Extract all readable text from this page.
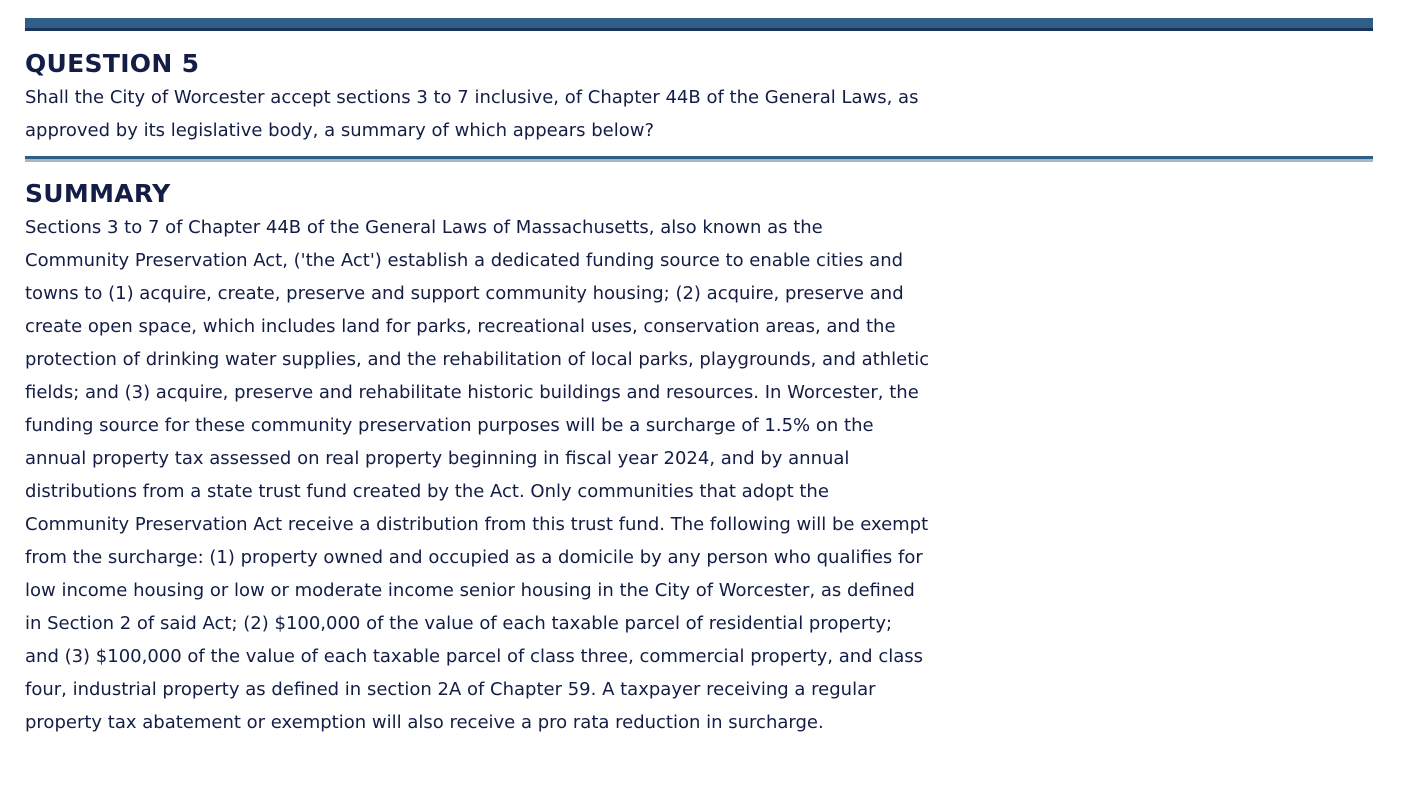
QUESTION 5

Shall the City of Worcester accept sections 3 to 7 inclusive, of Chapter 44B of the General Laws, as
approved by its legislative body, a summary of which appears below?

SUMMARY

Sections 3 to 7 of Chapter 44B of the General Laws of Massachusetts, also known as the
Community Preservation Act, ('the Act') establish a dedicated funding source to enable cities and
towns to (1) acquire, create, preserve and support community housing; (2) acquire, preserve and
create open space, which includes land for parks, recreational uses, conservation areas, and the
protection of drinking water supplies, and the rehabilitation of local parks, playgrounds, and athletic
fields; and (3) acquire, preserve and rehabilitate historic buildings and resources. In Worcester, the
funding source for these community preservation purposes will be a surcharge of 1.5% on the
annual property tax assessed on real property beginning in fiscal year 2024, and by annual
distributions from a state trust fund created by the Act. Only communities that adopt the
Community Preservation Act receive a distribution from this trust fund. The following will be exempt
from the surcharge: (1) property owned and occupied as a domicile by any person who qualifies for
low income housing or low or moderate income senior housing in the City of Worcester, as defined
in Section 2 of said Act; (2) $100,000 of the value of each taxable parcel of residential property;
and (3) $100,000 of the value of each taxable parcel of class three, commercial property, and class
four, industrial property as defined in section 2A of Chapter 59. A taxpayer receiving a regular
property tax abatement or exemption will also receive a pro rata reduction in surcharge.
